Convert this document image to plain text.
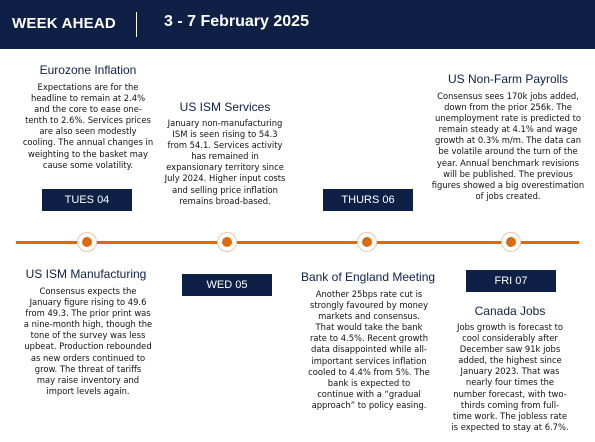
WEEK AHEAD	3 - 7 February 2025
Eurozone Inflation
Expectations are for the
headline to remain at 2.4%
and the core to ease one-
tenth to 2.6%. Services prices
are also seen modestly
cooling. The annual changes in
weighting to the basket may
cause some volatility.
US ISM Services
January non-manufacturing
ISM is seen rising to 54.3
from 54.1. Services activity
has remained in
expansionary territory since
July 2024. Higher input costs
and selling price inflation
remains broad-based.
US Non-Farm Payrolls
Consensus sees 170k jobs added,
down from the prior 256k. The
unemployment rate is predicted to
remain steady at 4.1% and wage
growth at 0.3% m/m. The data can
be volatile around the turn of the
year. Annual benchmark revisions
will be published. The previous
figures showed a big overestimation
of jobs created.
TUES 04	THURS 06
WED 05	FRI 07
US ISM Manufacturing
Consensus expects the
January figure rising to 49.6
from 49.3. The prior print was
a nine-month high, though the
tone of the survey was less
upbeat. Production rebounded
as new orders continued to
grow. The threat of tariffs
may raise inventory and
import levels again.
Bank of England Meeting
Another 25bps rate cut is
strongly favoured by money
markets and consensus.
That would take the bank
rate to 4.5%. Recent growth
data disappointed while all-
important services inflation
cooled to 4.4% from 5%. The
bank is expected to
continue with a “gradual
approach” to policy easing.
Canada Jobs
Jobs growth is forecast to
cool considerably after
December saw 91k jobs
added, the highest since
January 2023. That was
nearly four times the
number forecast, with two-
thirds coming from full-
time work. The jobless rate
is expected to stay at 6.7%.
